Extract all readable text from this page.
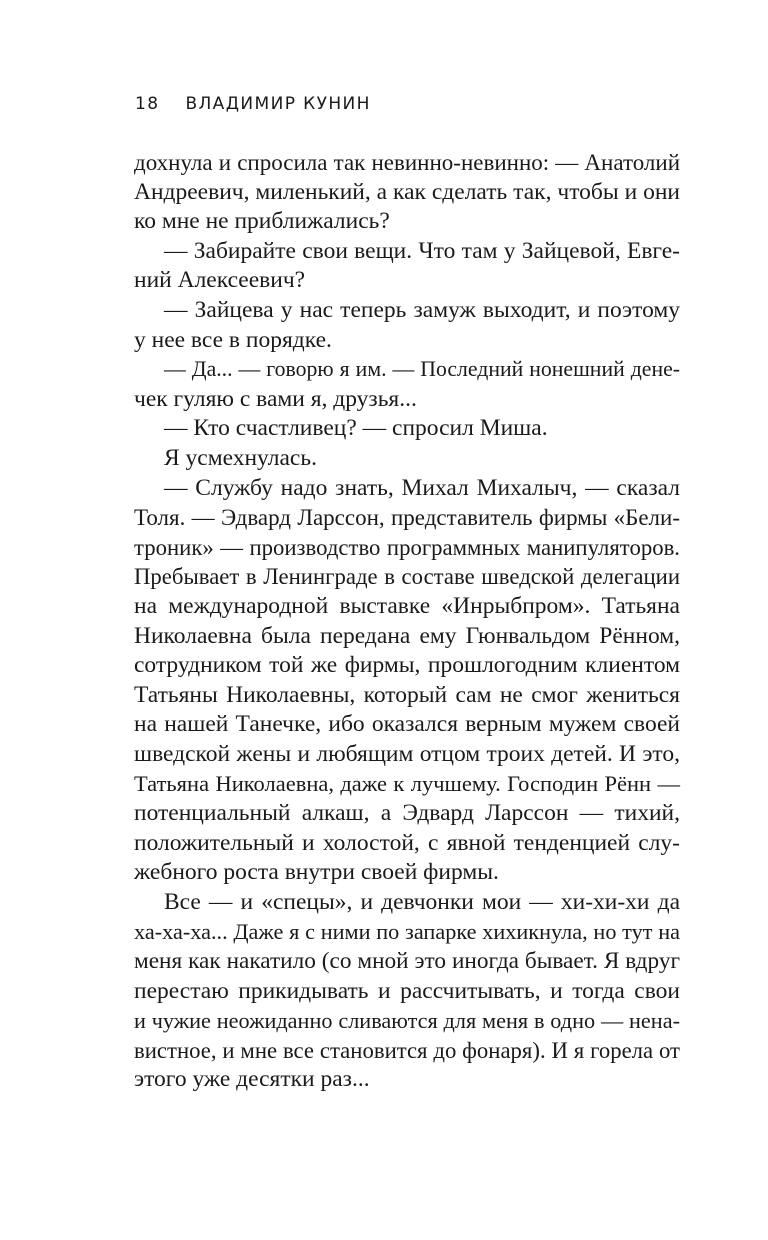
18 ВЛАДИМИР КУНИН
дохнула и спросила так невинно-невинно: — Анатолий
Андреевич, миленький, а как сделать так, чтобы и они
ко мне не приближались?
— Забирайте свои вещи. Что там у Зайцевой, Евге-
ний Алексеевич?
— Зайцева у нас теперь замуж выходит, и поэтому
у нее все в порядке.
— Да... — говорю я им. — Последний нонешний дене-
чек гуляю с вами я, друзья...
— Кто счастливец? — спросил Миша.
Я усмехнулась.
— Службу надо знать, Михал Михалыч, — сказал
Толя. — Эдвард Ларссон, представитель фирмы «Бели-
троник» — производство программных манипуляторов.
Пребывает в Ленинграде в составе шведской делегации
на международной выставке «Инрыбпром». Татьяна
Николаевна была передана ему Гюнвальдом Рённом,
сотрудником той же фирмы, прошлогодним клиентом
Татьяны Николаевны, который сам не смог жениться
на нашей Танечке, ибо оказался верным мужем своей
шведской жены и любящим отцом троих детей. И это,
Татьяна Николаевна, даже к лучшему. Господин Рённ —
потенциальный алкаш, а Эдвард Ларссон — тихий,
положительный и холостой, с явной тенденцией слу-
жебного роста внутри своей фирмы.
Все — и «спецы», и девчонки мои — хи-хи-хи да
ха-ха-ха... Даже я с ними по запарке хихикнула, но тут на
меня как накатило (со мной это иногда бывает. Я вдруг
перестаю прикидывать и рассчитывать, и тогда свои
и чужие неожиданно сливаются для меня в одно — нена-
вистное, и мне все становится до фонаря). И я горела от
этого уже десятки раз...
